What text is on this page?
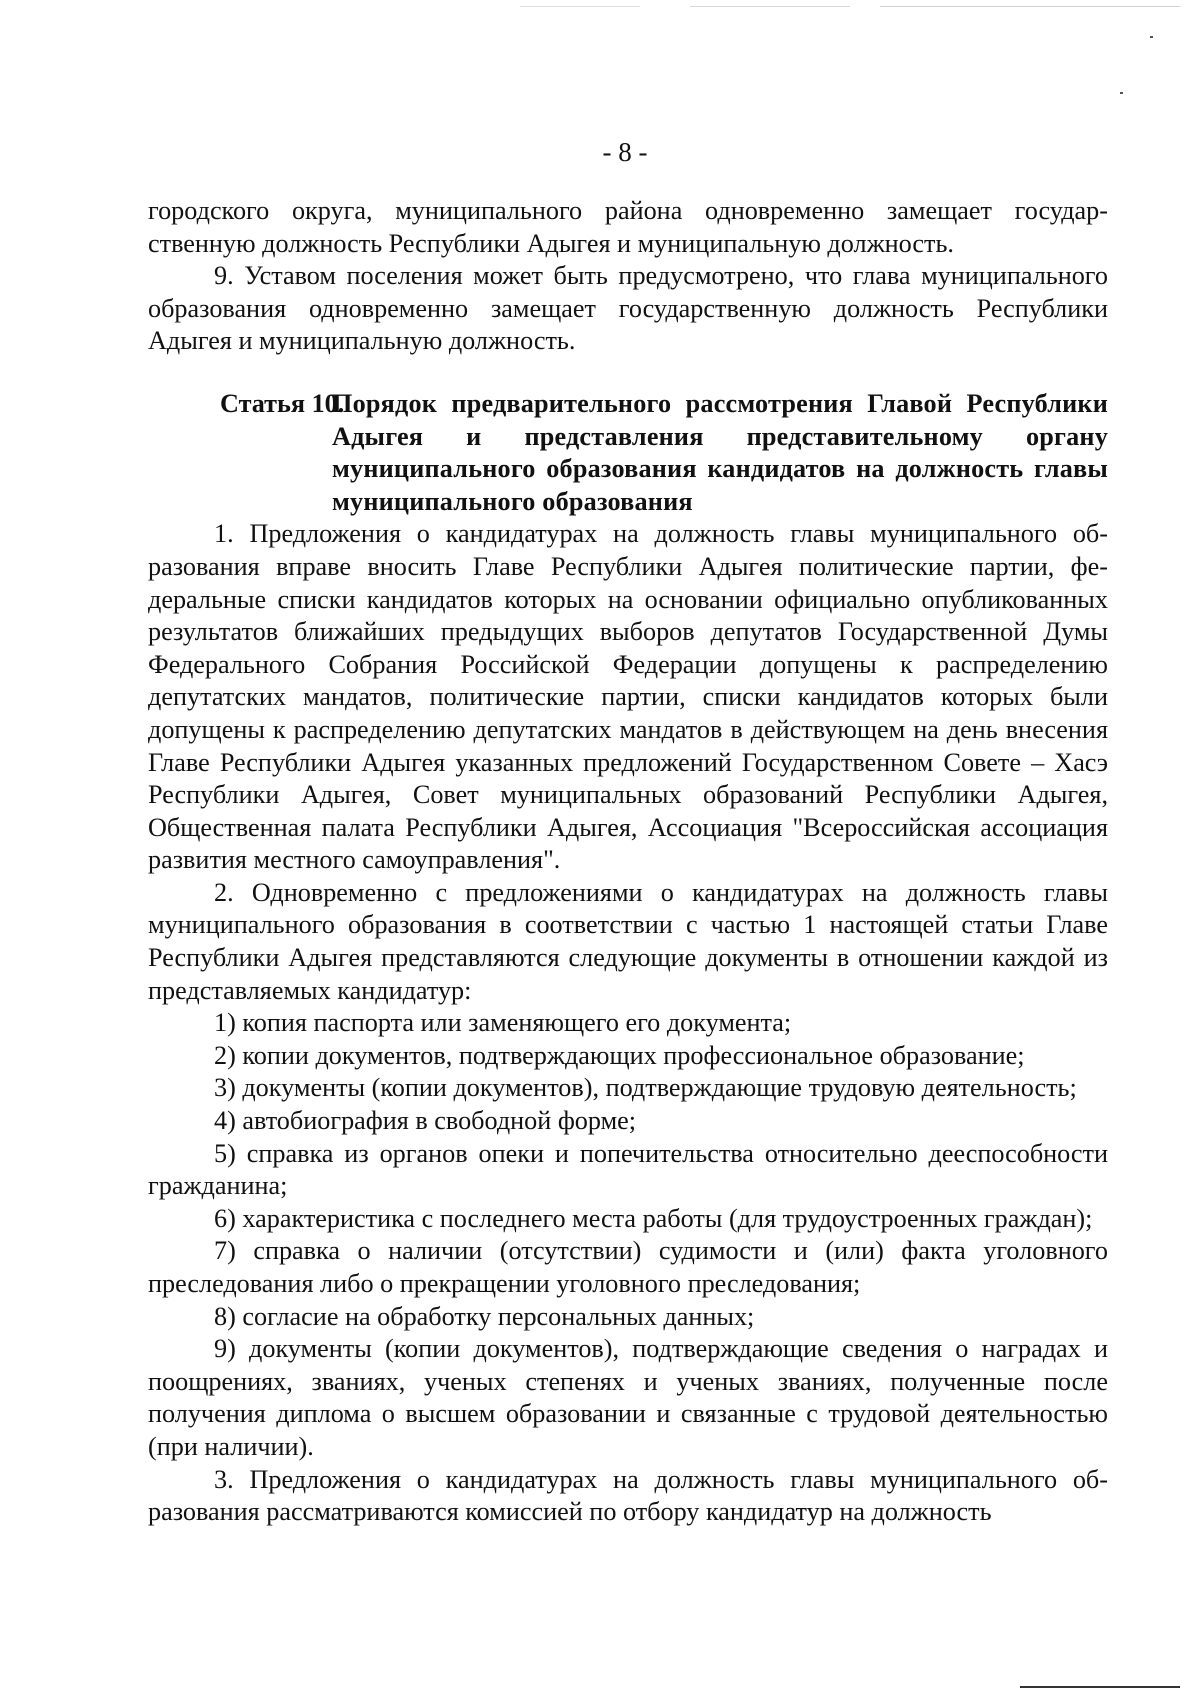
- 8 -

городского округа, муниципального района одновременно замещает государственную должность Республики Адыгея и муниципальную должность.

9. Уставом поселения может быть предусмотрено, что глава муниципального образования одновременно замещает государственную должность Республики Адыгея и муниципальную должность.

Статья 10.
Порядок предварительного рассмотрения Главой Республики Адыгея и представления представительному органу муниципального образования кандидатов на должность главы муниципального образования

1. Предложения о кандидатурах на должность главы муниципального образования вправе вносить Главе Республики Адыгея политические партии, федеральные списки кандидатов которых на основании официально опубликованных результатов ближайших предыдущих выборов депутатов Государственной Думы Федерального Собрания Российской Федерации допущены к распределению депутатских мандатов, политические партии, списки кандидатов которых были допущены к распределению депутатских мандатов в действующем на день внесения Главе Республики Адыгея указанных предложений Государственном Совете – Хасэ Республики Адыгея, Совет муниципальных образований Республики Адыгея, Общественная палата Республики Адыгея, Ассоциация "Всероссийская ассоциация развития местного самоуправления".

2. Одновременно с предложениями о кандидатурах на должность главы муниципального образования в соответствии с частью 1 настоящей статьи Главе Республики Адыгея представляются следующие документы в отношении каждой из представляемых кандидатур:

1) копия паспорта или заменяющего его документа;

2) копии документов, подтверждающих профессиональное образование;

3) документы (копии документов), подтверждающие трудовую деятельность;

4) автобиография в свободной форме;

5) справка из органов опеки и попечительства относительно дееспособности гражданина;

6) характеристика с последнего места работы (для трудоустроенных граждан);

7) справка о наличии (отсутствии) судимости и (или) факта уголовного преследования либо о прекращении уголовного преследования;

8) согласие на обработку персональных данных;

9) документы (копии документов), подтверждающие сведения о наградах и поощрениях, званиях, ученых степенях и ученых званиях, полученные после получения диплома о высшем образовании и связанные с трудовой деятельностью (при наличии).

3. Предложения о кандидатурах на должность главы муниципального образования рассматриваются комиссией по отбору кандидатур на должность
